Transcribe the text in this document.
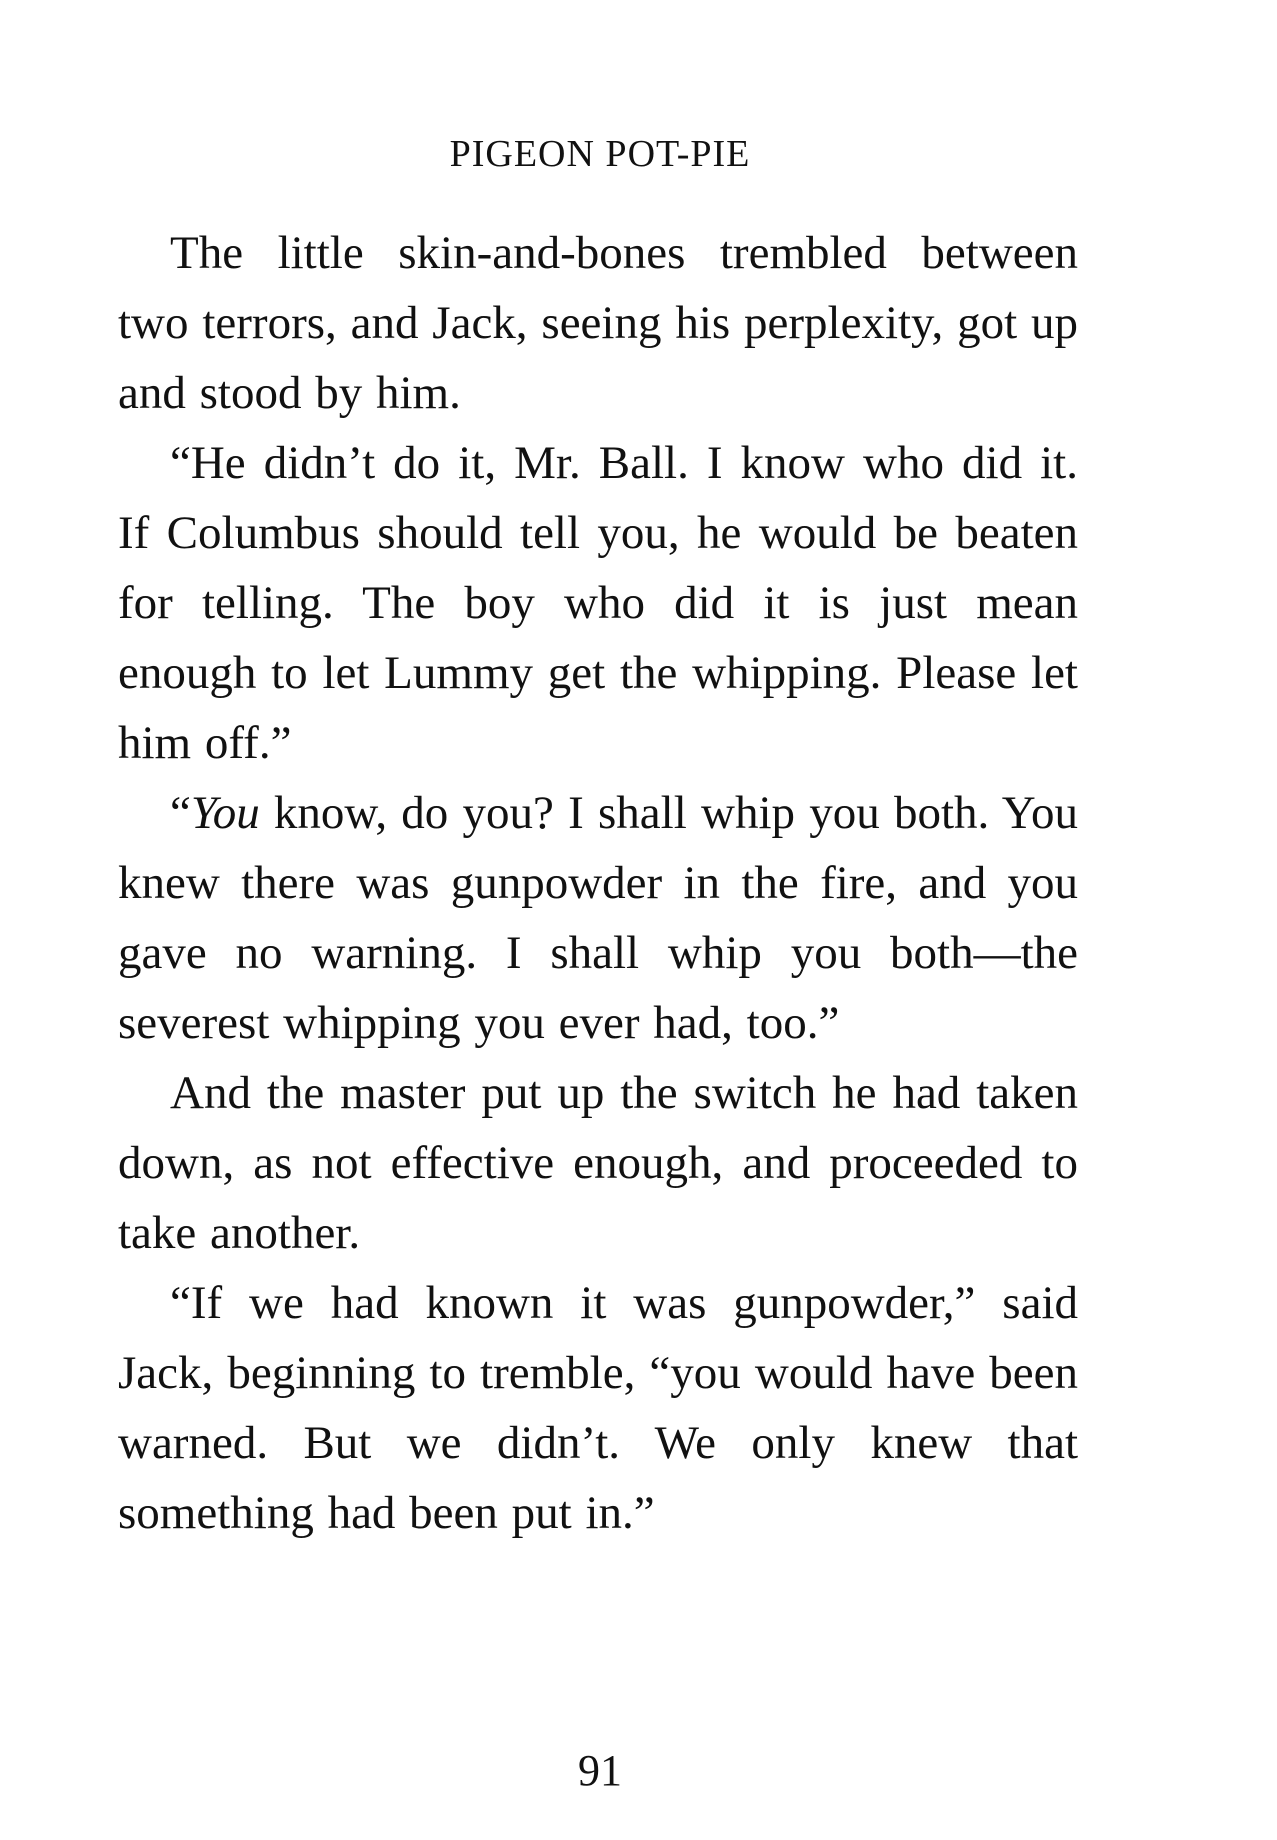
PIGEON POT-PIE

The little skin-and-bones trembled between two terrors, and Jack, seeing his perplexity, got up and stood by him.

“He didn’t do it, Mr. Ball. I know who did it. If Columbus should tell you, he would be beaten for telling. The boy who did it is just mean enough to let Lummy get the whipping. Please let him off.”

“You know, do you? I shall whip you both. You knew there was gunpowder in the fire, and you gave no warning. I shall whip you both—the severest whipping you ever had, too.”

And the master put up the switch he had taken down, as not effective enough, and proceeded to take another.

“If we had known it was gunpowder,” said Jack, beginning to tremble, “you would have been warned. But we didn’t. We only knew that something had been put in.”

91
